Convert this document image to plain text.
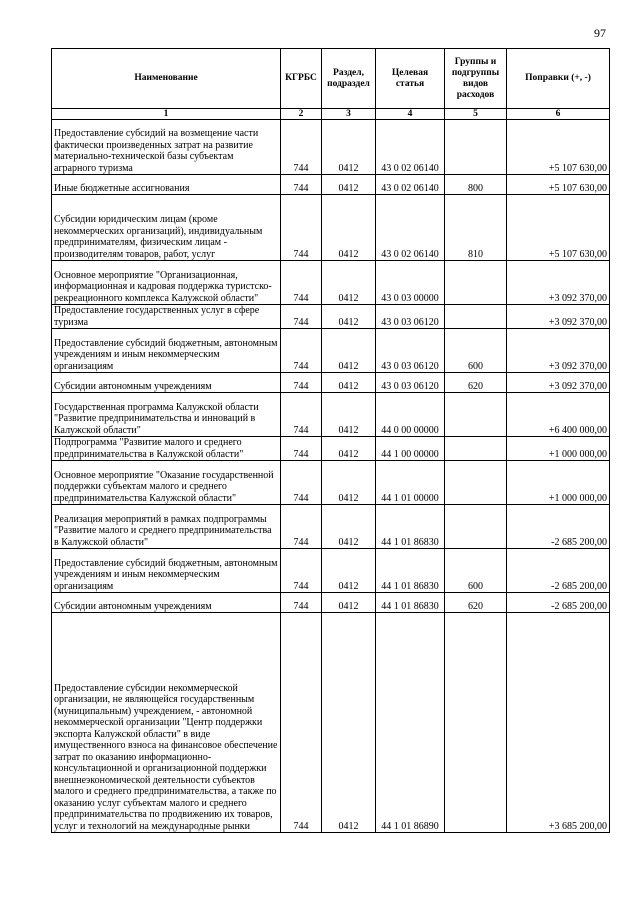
97
Наименование	КГРБС	Раздел, подраздел	Целевая статья	Группы и подгруппы видов расходов	Поправки (+, -)
1	2	3	4	5	6
Предоставление субсидий на возмещение части фактически произведенных затрат на развитие материально-технической базы субъектам аграрного туризма	744	0412	43 0 02 06140		+5 107 630,00
Иные бюджетные ассигнования	744	0412	43 0 02 06140	800	+5 107 630,00
Субсидии юридическим лицам (кроме некоммерческих организаций), индивидуальным предпринимателям, физическим лицам - производителям товаров, работ, услуг	744	0412	43 0 02 06140	810	+5 107 630,00
Основное мероприятие "Организационная, информационная и кадровая поддержка туристско-рекреационного комплекса Калужской области"	744	0412	43 0 03 00000		+3 092 370,00
Предоставление государственных услуг в сфере туризма	744	0412	43 0 03 06120		+3 092 370,00
Предоставление субсидий бюджетным, автономным учреждениям и иным некоммерческим организациям	744	0412	43 0 03 06120	600	+3 092 370,00
Субсидии автономным учреждениям	744	0412	43 0 03 06120	620	+3 092 370,00
Государственная программа Калужской области "Развитие предпринимательства и инноваций в Калужской области"	744	0412	44 0 00 00000		+6 400 000,00
Подпрограмма "Развитие малого и среднего предпринимательства в Калужской области"	744	0412	44 1 00 00000		+1 000 000,00
Основное мероприятие "Оказание государственной поддержки субъектам малого и среднего предпринимательства Калужской области"	744	0412	44 1 01 00000		+1 000 000,00
Реализация мероприятий в рамках подпрограммы "Развитие малого и среднего предпринимательства в Калужской области"	744	0412	44 1 01 86830		-2 685 200,00
Предоставление субсидий бюджетным, автономным учреждениям и иным некоммерческим организациям	744	0412	44 1 01 86830	600	-2 685 200,00
Субсидии автономным учреждениям	744	0412	44 1 01 86830	620	-2 685 200,00
Предоставление субсидии некоммерческой организации, не являющейся государственным (муниципальным) учреждением, - автономной некоммерческой организации "Центр поддержки экспорта Калужской области" в виде имущественного взноса на финансовое обеспечение затрат по оказанию информационно-консультационной и организационной поддержки внешнеэкономической деятельности субъектов малого и среднего предпринимательства, а также по оказанию услуг субъектам малого и среднего предпринимательства по продвижению их товаров, услуг и технологий на международные рынки	744	0412	44 1 01 86890		+3 685 200,00
